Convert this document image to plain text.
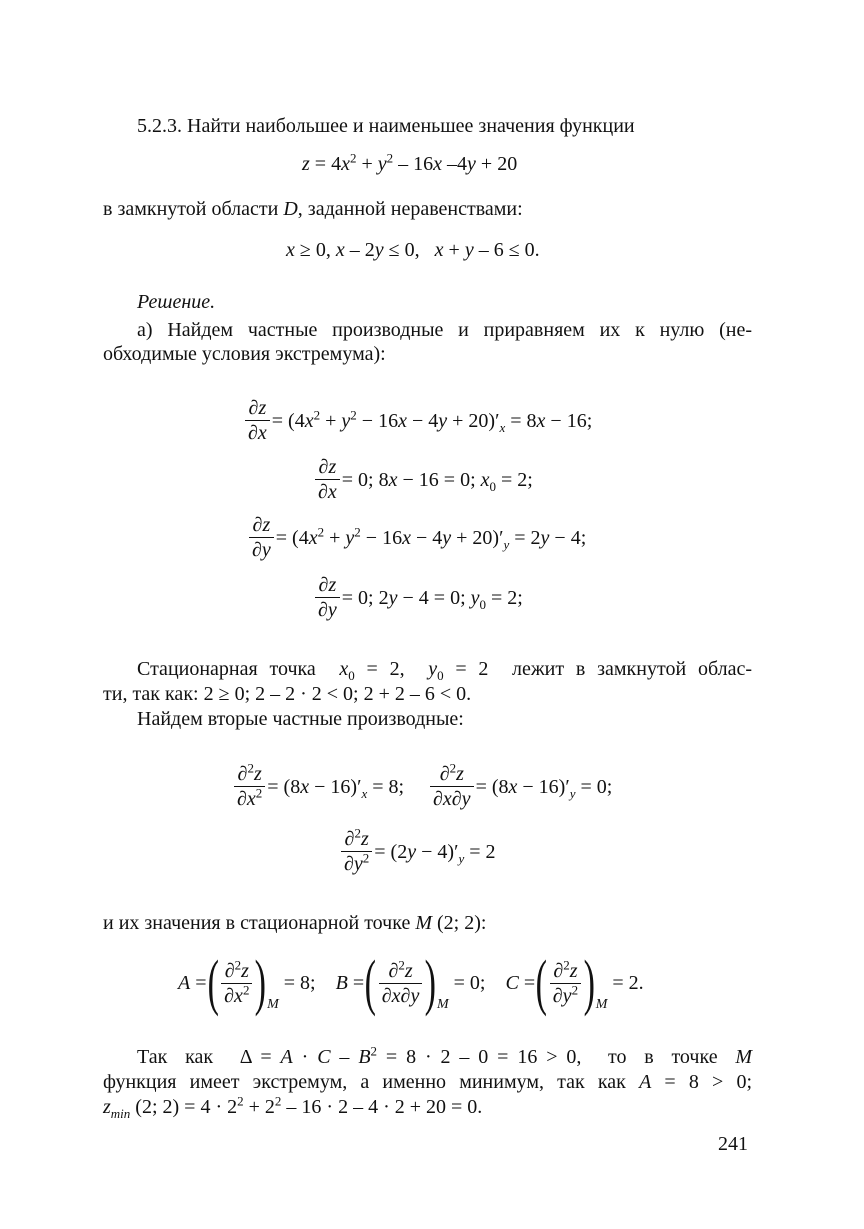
5.2.3. Найти наибольшее и наименьшее значения функции
$z = 4x^2 + y^2 - 16x$ –4y + 20
в замкнутой области D, заданной неравенствами:
x ≥ 0, x – 2y ≤ 0,   x + y – 6 ≤ 0.
Решение.
а) Найдем частные производные и приравняем их к нулю (не-
обходимые условия экстремума):
$\frac{\partial z}{\partial x} = (4x^2 + y^2 - 16x - 4y + 20)'_x = 8x - 16$;
$\frac{\partial z}{\partial x} = 0$; 8x − 16 = 0; $x_0 = 2$;
$\frac{\partial z}{\partial y} = (4x^2 + y^2 - 16x - 4y + 20)'_y = 2y - 4$;
$\frac{\partial z}{\partial y} = 0$; 2y − 4 = 0; $y_0 = 2$;
Стационарная точка  $x_0 = 2$,  $y_0 = 2$  лежит в замкнутой облас-
ти, так как: 2 ≥ 0; 2 – 2 · 2 < 0; 2 + 2 – 6 < 0.
Найдем вторые частные производные:
$\frac{\partial^2z}{\partial x^2} = (8x - 16)'_x = 8$; $\frac{\partial^2z}{\partial x\partial y} = (8x - 16)'_y = 0$;
$\frac{\partial^2z}{\partial y^2} = (2y - 4)'_y = 2$
и их значения в стационарной точке M (2; 2):
A =( $\frac{\partial^2z}{\partial x^2} )M = 8$;    B =( $\frac{\partial^2z}{\partial x\partial y} )M = 0$;    C =( $\frac{\partial^2z}{\partial y^2} )M = 2$.
Так  как   $\Delta = A \cdot C - B^2 = 8 \cdot 2 - 0 = 16 > 0$,   то  в  точке  M
функция имеет экстремум, а именно минимум, так как A = 8 > 0;
$z_{min}$ (2; $2) = 4 \cdot 2^2 + 2^2 - 16 \cdot 2 - 4 \cdot 2 + 20 = 0$.
241
